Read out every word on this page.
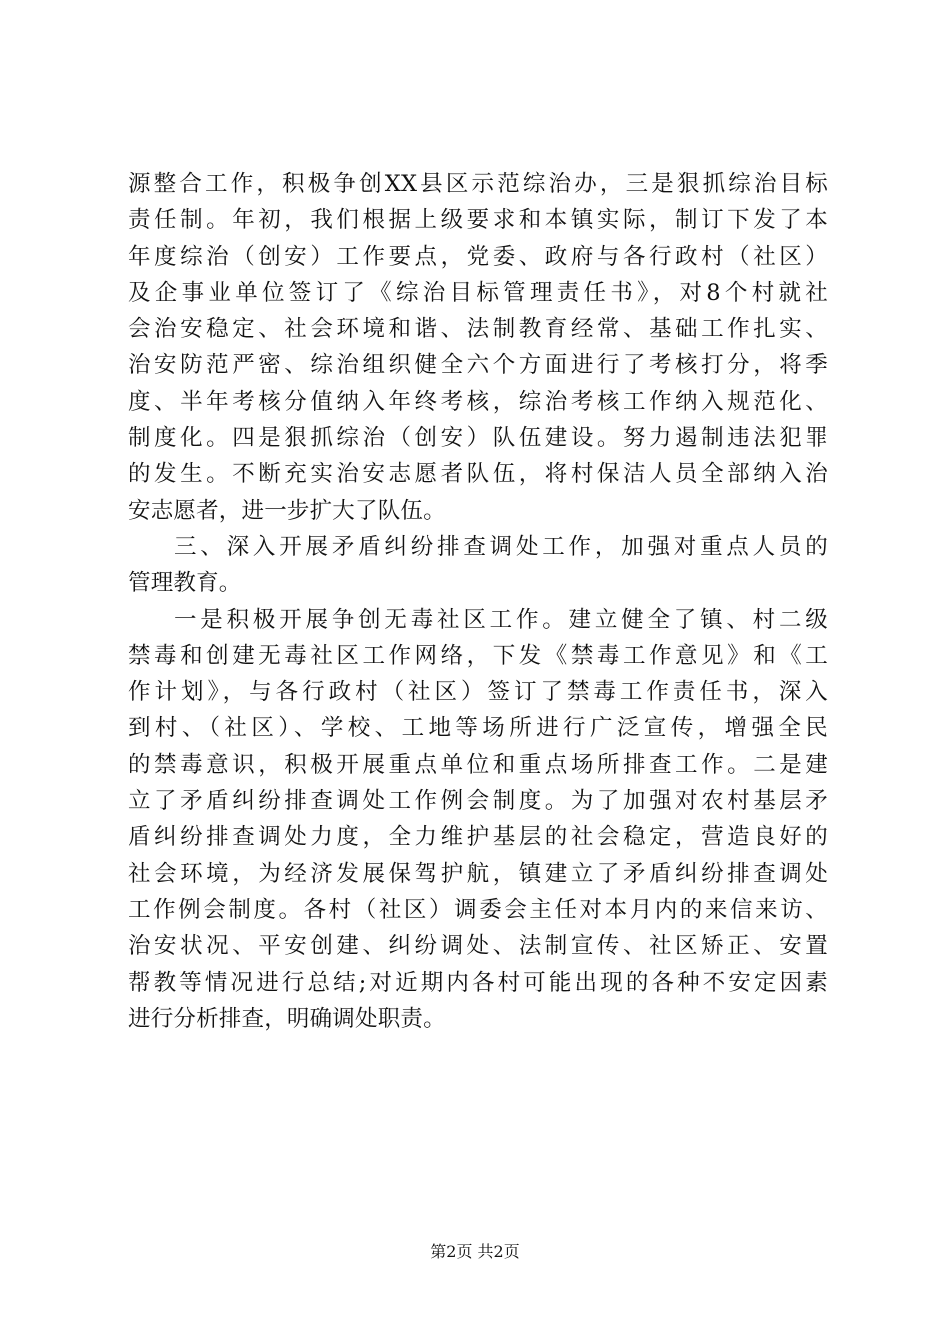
源整合工作，积极争创XX县区示范综治办，三是狠抓综治目标
责任制。年初，我们根据上级要求和本镇实际，制订下发了本
年度综治（创安）工作要点，党委、政府与各行政村（社区）
及企事业单位签订了《综治目标管理责任书》，对8个村就社
会治安稳定、社会环境和谐、法制教育经常、基础工作扎实、
治安防范严密、综治组织健全六个方面进行了考核打分，将季
度、半年考核分值纳入年终考核，综治考核工作纳入规范化、
制度化。四是狠抓综治（创安）队伍建设。努力遏制违法犯罪
的发生。不断充实治安志愿者队伍，将村保洁人员全部纳入治
安志愿者，进一步扩大了队伍。
三、深入开展矛盾纠纷排查调处工作，加强对重点人员的
管理教育。
一是积极开展争创无毒社区工作。建立健全了镇、村二级
禁毒和创建无毒社区工作网络，下发《禁毒工作意见》和《工
作计划》，与各行政村（社区）签订了禁毒工作责任书，深入
到村、（社区）、学校、工地等场所进行广泛宣传，增强全民
的禁毒意识，积极开展重点单位和重点场所排查工作。二是建
立了矛盾纠纷排查调处工作例会制度。为了加强对农村基层矛
盾纠纷排查调处力度，全力维护基层的社会稳定，营造良好的
社会环境，为经济发展保驾护航，镇建立了矛盾纠纷排查调处
工作例会制度。各村（社区）调委会主任对本月内的来信来访、
治安状况、平安创建、纠纷调处、法制宣传、社区矫正、安置
帮教等情况进行总结;对近期内各村可能出现的各种不安定因素
进行分析排查，明确调处职责。
第2页 共2页
